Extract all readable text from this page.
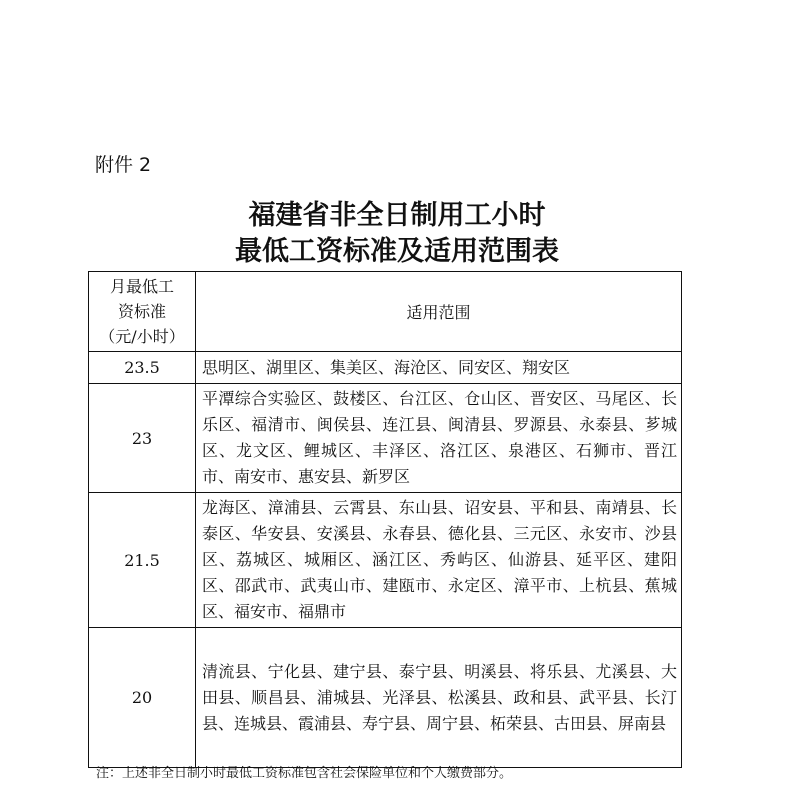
附件 2
福建省非全日制用工小时
最低工资标准及适用范围表
月最低工
资标准
（元/小时）	适用范围
23.5	思明区、湖里区、集美区、海沧区、同安区、翔安区
23	平潭综合实验区、鼓楼区、台江区、仓山区、晋安区、马尾区、长乐区、福清市、闽侯县、连江县、闽清县、罗源县、永泰县、芗城区、龙文区、鲤城区、丰泽区、洛江区、泉港区、石狮市、晋江市、南安市、惠安县、新罗区
21.5	龙海区、漳浦县、云霄县、东山县、诏安县、平和县、南靖县、长泰区、华安县、安溪县、永春县、德化县、三元区、永安市、沙县区、荔城区、城厢区、涵江区、秀屿区、仙游县、延平区、建阳区、邵武市、武夷山市、建瓯市、永定区、漳平市、上杭县、蕉城区、福安市、福鼎市
20	清流县、宁化县、建宁县、泰宁县、明溪县、将乐县、尤溪县、大田县、顺昌县、浦城县、光泽县、松溪县、政和县、武平县、长汀县、连城县、霞浦县、寿宁县、周宁县、柘荣县、古田县、屏南县
注：上述非全日制小时最低工资标准包含社会保险单位和个人缴费部分。
